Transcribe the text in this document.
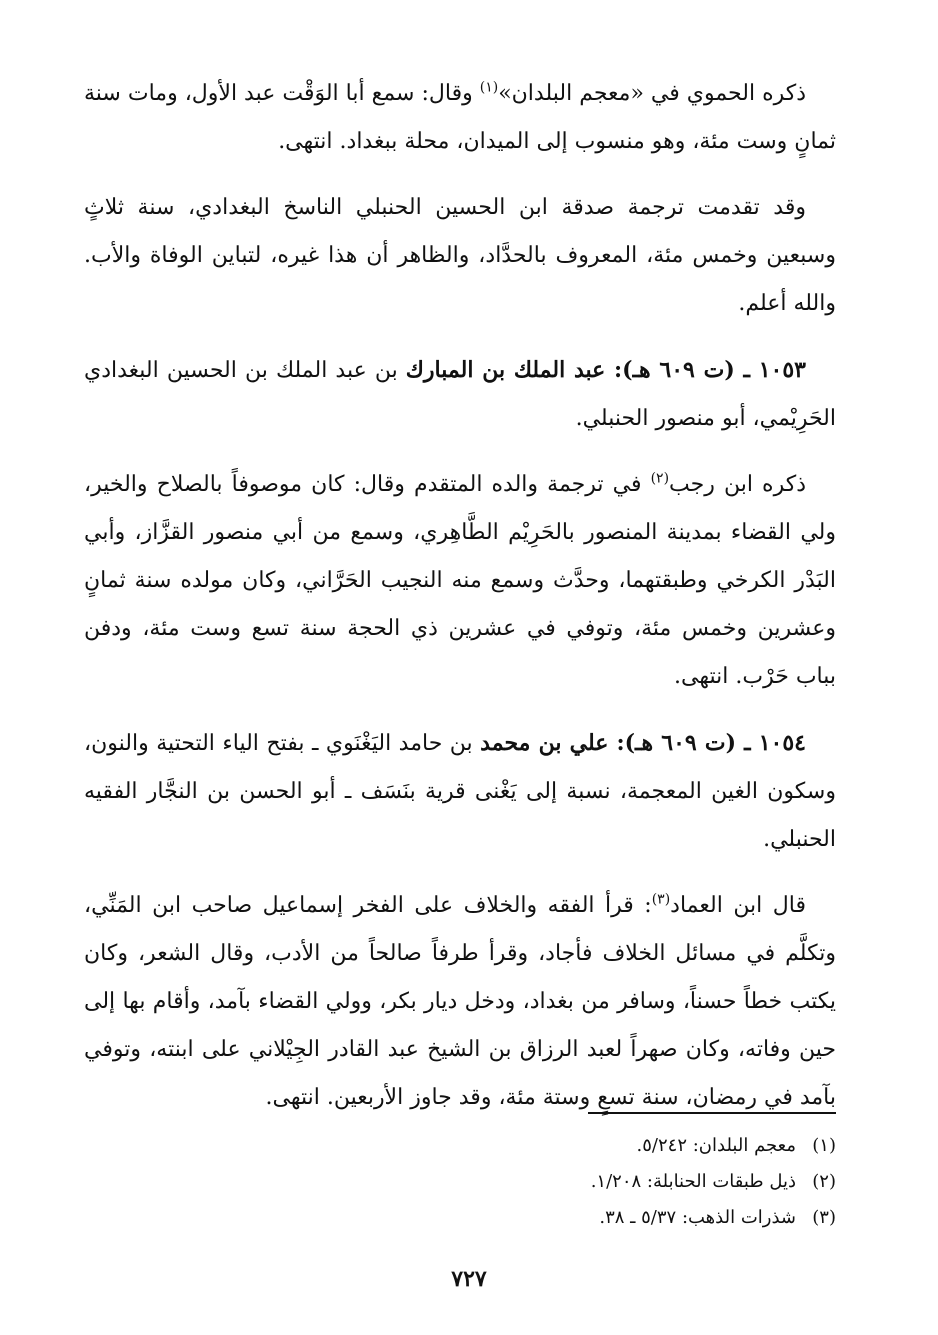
ذكره الحموي في «معجم البلدان»$^{(١)}$ وقال: سمع أبا الوَقْت عبد الأول، ومات سنة ثمانٍ وست مئة، وهو منسوب إلى الميدان، محلة ببغداد. انتهى.

وقد تقدمت ترجمة صدقة ابن الحسين الحنبلي الناسخ البغدادي، سنة ثلاثٍ وسبعين وخمس مئة، المعروف بالحدَّاد، والظاهر أن هذا غيره، لتباين الوفاة والأب. والله أعلم.

١٠٥٣ ـ (ت ٦٠٩ هـ): عبد الملك بن المبارك بن عبد الملك بن الحسين البغدادي الحَرِيْمي، أبو منصور الحنبلي.

ذكره ابن رجب$^{(٢)}$ في ترجمة والده المتقدم وقال: كان موصوفاً بالصلاح والخير، ولي القضاء بمدينة المنصور بالحَرِيْم الطَّاهِري، وسمع من أبي منصور القزَّاز، وأبي البَدْر الكرخي وطبقتهما، وحدَّث وسمع منه النجيب الحَرَّاني، وكان مولده سنة ثمانٍ وعشرين وخمس مئة، وتوفي في عشرين ذي الحجة سنة تسع وست مئة، ودفن بباب حَرْب. انتهى.

١٠٥٤ ـ (ت ٦٠٩ هـ): علي بن محمد بن حامد اليَغْنَوي ـ بفتح الياء التحتية والنون، وسكون الغين المعجمة، نسبة إلى يَغْنى قرية بنَسَف ـ أبو الحسن بن النجَّار الفقيه الحنبلي.

قال ابن العماد$^{(٣)}$: قرأ الفقه والخلاف على الفخر إسماعيل صاحب ابن المَنِّي، وتكلَّم في مسائل الخلاف فأجاد، وقرأ طرفاً صالحاً من الأدب، وقال الشعر، وكان يكتب خطاً حسناً، وسافر من بغداد، ودخل ديار بكر، وولي القضاء بآمد، وأقام بها إلى حين وفاته، وكان صهراً لعبد الرزاق بن الشيخ عبد القادر الجِيْلاني على ابنته، وتوفي بآمد في رمضان، سنة تسعٍ وستة مئة، وقد جاوز الأربعين. انتهى.

(١)معجم البلدان: ٥/٢٤٢.
(٢)ذيل طبقات الحنابلة: ١/٢٠٨.
(٣)شذرات الذهب: ٥/٣٧ ـ ٣٨.
٧٢٧
